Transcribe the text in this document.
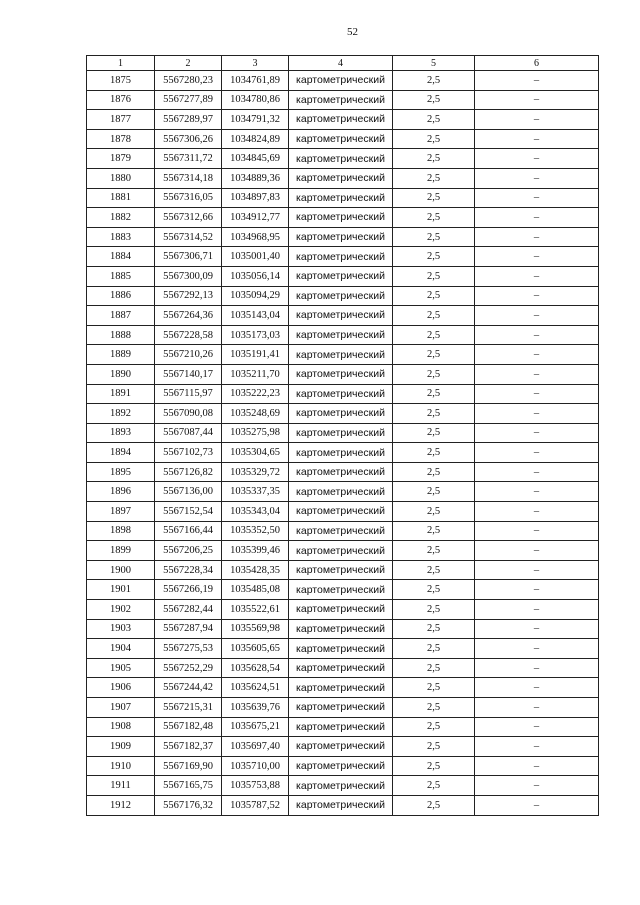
52
1	2	3	4	5	6
1875	5567280,23	1034761,89	картометрический	2,5	–
1876	5567277,89	1034780,86	картометрический	2,5	–
1877	5567289,97	1034791,32	картометрический	2,5	–
1878	5567306,26	1034824,89	картометрический	2,5	–
1879	5567311,72	1034845,69	картометрический	2,5	–
1880	5567314,18	1034889,36	картометрический	2,5	–
1881	5567316,05	1034897,83	картометрический	2,5	–
1882	5567312,66	1034912,77	картометрический	2,5	–
1883	5567314,52	1034968,95	картометрический	2,5	–
1884	5567306,71	1035001,40	картометрический	2,5	–
1885	5567300,09	1035056,14	картометрический	2,5	–
1886	5567292,13	1035094,29	картометрический	2,5	–
1887	5567264,36	1035143,04	картометрический	2,5	–
1888	5567228,58	1035173,03	картометрический	2,5	–
1889	5567210,26	1035191,41	картометрический	2,5	–
1890	5567140,17	1035211,70	картометрический	2,5	–
1891	5567115,97	1035222,23	картометрический	2,5	–
1892	5567090,08	1035248,69	картометрический	2,5	–
1893	5567087,44	1035275,98	картометрический	2,5	–
1894	5567102,73	1035304,65	картометрический	2,5	–
1895	5567126,82	1035329,72	картометрический	2,5	–
1896	5567136,00	1035337,35	картометрический	2,5	–
1897	5567152,54	1035343,04	картометрический	2,5	–
1898	5567166,44	1035352,50	картометрический	2,5	–
1899	5567206,25	1035399,46	картометрический	2,5	–
1900	5567228,34	1035428,35	картометрический	2,5	–
1901	5567266,19	1035485,08	картометрический	2,5	–
1902	5567282,44	1035522,61	картометрический	2,5	–
1903	5567287,94	1035569,98	картометрический	2,5	–
1904	5567275,53	1035605,65	картометрический	2,5	–
1905	5567252,29	1035628,54	картометрический	2,5	–
1906	5567244,42	1035624,51	картометрический	2,5	–
1907	5567215,31	1035639,76	картометрический	2,5	–
1908	5567182,48	1035675,21	картометрический	2,5	–
1909	5567182,37	1035697,40	картометрический	2,5	–
1910	5567169,90	1035710,00	картометрический	2,5	–
1911	5567165,75	1035753,88	картометрический	2,5	–
1912	5567176,32	1035787,52	картометрический	2,5	–
